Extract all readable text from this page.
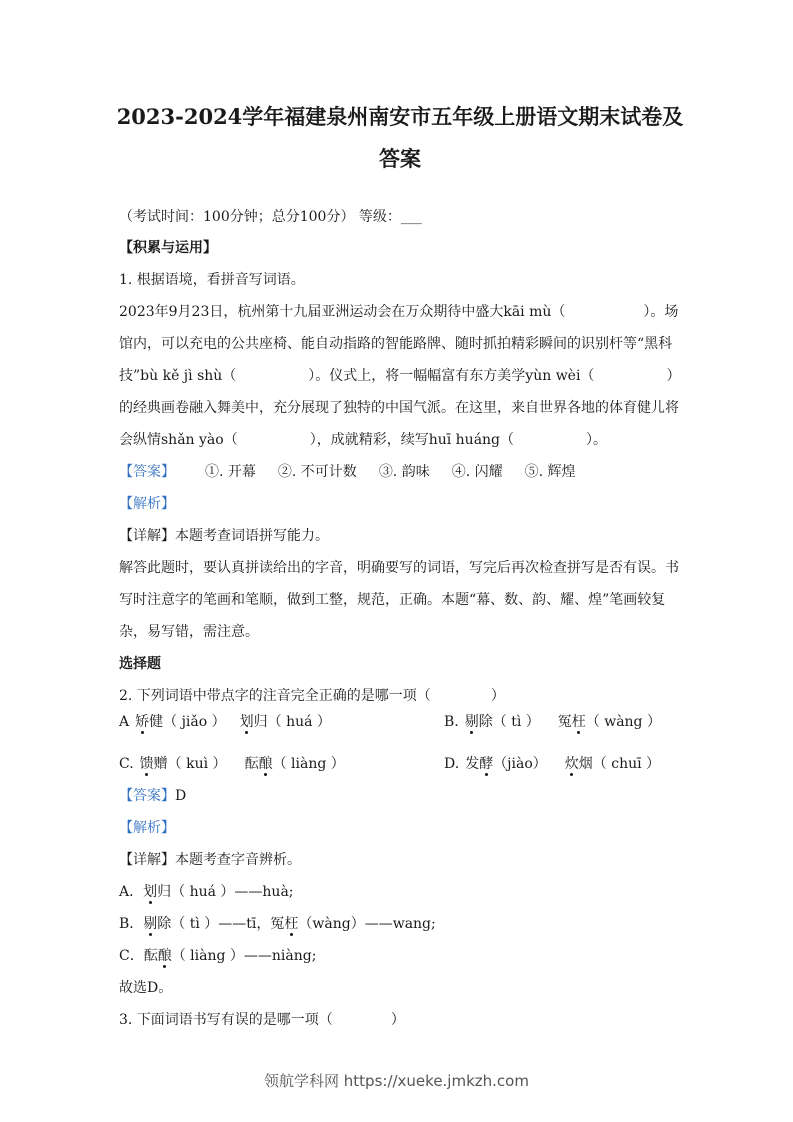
2023-2024学年福建泉州南安市五年级上册语文期末试卷及
答案
（考试时间：100分钟；总分100分） 等级：___
【积累与运用】
1. 根据语境，看拼音写词语。
2023年9月23日，杭州第十九届亚洲运动会在万众期待中盛大kāi mù（	）。场
馆内，可以充电的公共座椅、能自动指路的智能路牌、随时抓拍精彩瞬间的识别杆等“黑科
技”bù kě jì shù（	）。仪式上，将一幅幅富有东方美学yùn wèi（	）
的经典画卷融入舞美中，充分展现了独特的中国气派。在这里，来自世界各地的体育健儿将
会纵情shǎn yào（	），成就精彩，续写huī huáng（	）。
【答案】 ①. 开幕 ②. 不可计数 ③. 韵味 ④. 闪耀 ⑤. 辉煌
【解析】
【详解】本题考查词语拼写能力。
解答此题时，要认真拼读给出的字音，明确要写的词语，写完后再次检查拼写是否有误。书
写时注意字的笔画和笔顺，做到工整，规范，正确。本题“幕、数、韵、耀、煌”笔画较复
杂，易写错，需注意。
选择题
2. 下列词语中带点字的注音完全正确的是哪一项（	）
A 矫健（ jiǎo ） 划归（ huá ）	B. 剔除（ tì ） 冤枉（ wàng ）
C. 馈赠（ kuì ） 酝酿（ liàng ）	D. 发酵（jiào） 炊烟（ chuī ）
【答案】D
【解析】
【详解】本题考查字音辨析。
A．划归（ huá ）——huà;
B．剔除（ tì ）——tī，冤枉（wàng）——wang;
C．酝酿（ liàng ）——niàng;
故选D。
3. 下面词语书写有误的是哪一项（	）
领航学科网 https://xueke.jmkzh.com
